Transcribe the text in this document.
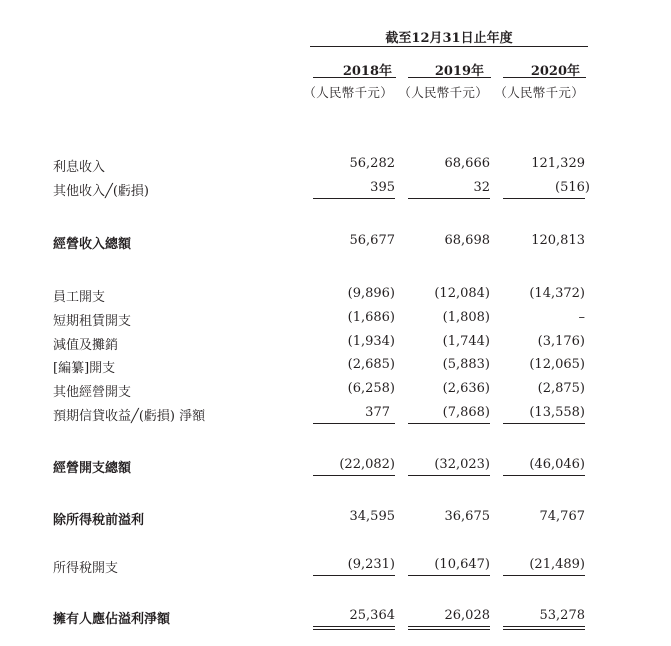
截至12月31日止年度
2018年	2019年	2020年
（人民幣千元） （人民幣千元） （人民幣千元）
利息收入	56,282	68,666	121,329
其他收入╱(虧損)	395	32	(516)
經營收入總額	56,677	68,698	120,813
員工開支	(9,896)	(12,084)	(14,372)
短期租賃開支	(1,686)	(1,808)	–
減值及攤銷	(1,934)	(1,744)	(3,176)
[編纂]開支	(2,685)	(5,883)	(12,065)
其他經營開支	(6,258)	(2,636)	(2,875)
預期信貸收益╱(虧損) 淨額	377	(7,868)	(13,558)
經營開支總額	(22,082)	(32,023)	(46,046)
除所得稅前溢利	34,595	36,675	74,767
所得稅開支	(9,231)	(10,647)	(21,489)
擁有人應佔溢利淨額	25,364	26,028	53,278
